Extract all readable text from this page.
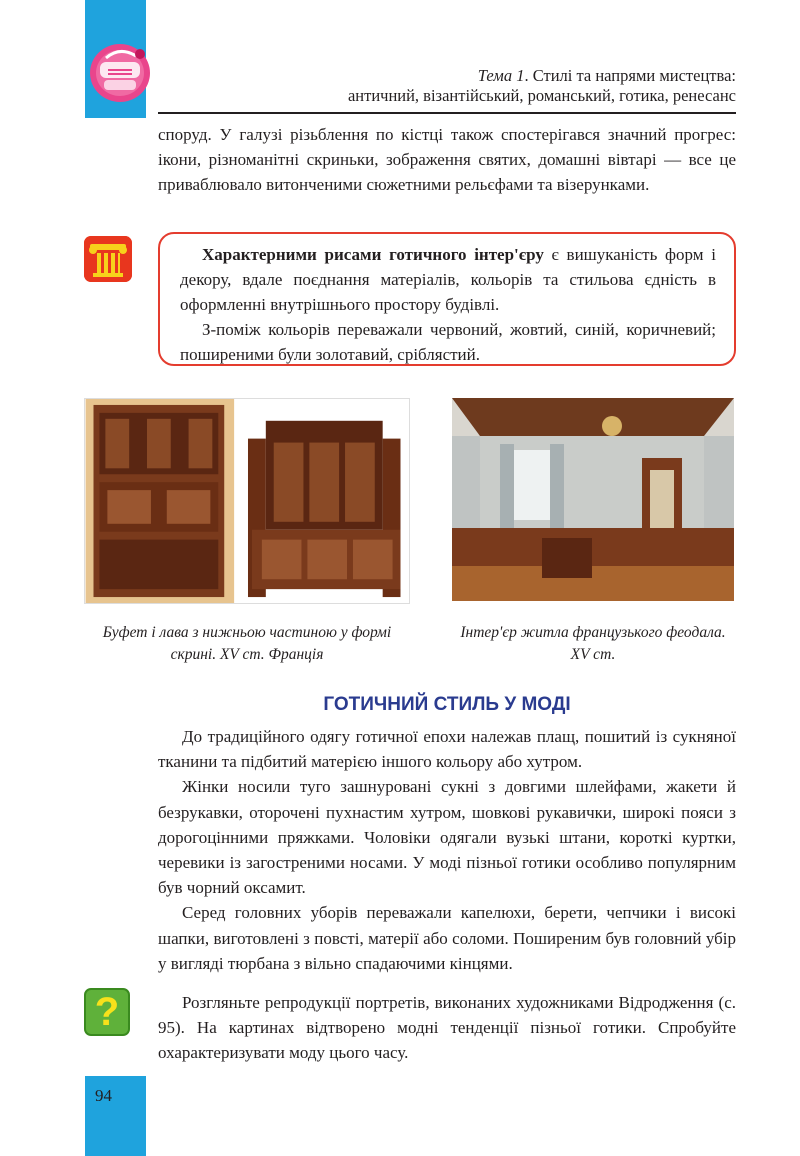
Тема 1. Стилі та напрями мистецтва:
античний, візантійський, романський, готика, ренесанс
споруд. У галузі різьблення по кістці також спостерігався значний прогрес: ікони, різноманітні скриньки, зображення святих, домашні вівтарі — все це приваблювало витонченими сюжетними рельєфами та візерунками.

Характерними рисами готичного інтер'єру є вишуканість форм і декору, вдале поєднання матеріалів, кольорів та стильова єдність в оформленні внутрішнього простору будівлі.

З-поміж кольорів переважали червоний, жовтий, синій, коричневий; поширеними були золотавий, сріблястий.

Буфет і лава з нижньою частиною у формі скрині. XV ст. Франція
Інтер'єр житла французького феодала. XV ст.
ГОТИЧНИЙ СТИЛЬ У МОДІ

До традиційного одягу готичної епохи належав плащ, пошитий із сукняної тканини та підбитий матерією іншого кольору або хутром.

Жінки носили туго зашнуровані сукні з довгими шлейфами, жакети й безрукавки, оторочені пухнастим хутром, шовкові рукавички, широкі пояси з дорогоцінними пряжками. Чоловіки одягали вузькі штани, короткі куртки, черевики із загостреними носами. У моді пізньої готики особливо популярним був чорний оксамит.

Серед головних уборів переважали капелюхи, берети, чепчики і високі шапки, виготовлені з повсті, матерії або соломи. Поширеним був головний убір у вигляді тюрбана з вільно спадаючими кінцями.

?	Розгляньте репродукції портретів, виконаних художниками Відродження (с. 95). На картинах відтворено модні тенденції пізньої готики. Спробуйте охарактеризувати моду цього часу.

94
